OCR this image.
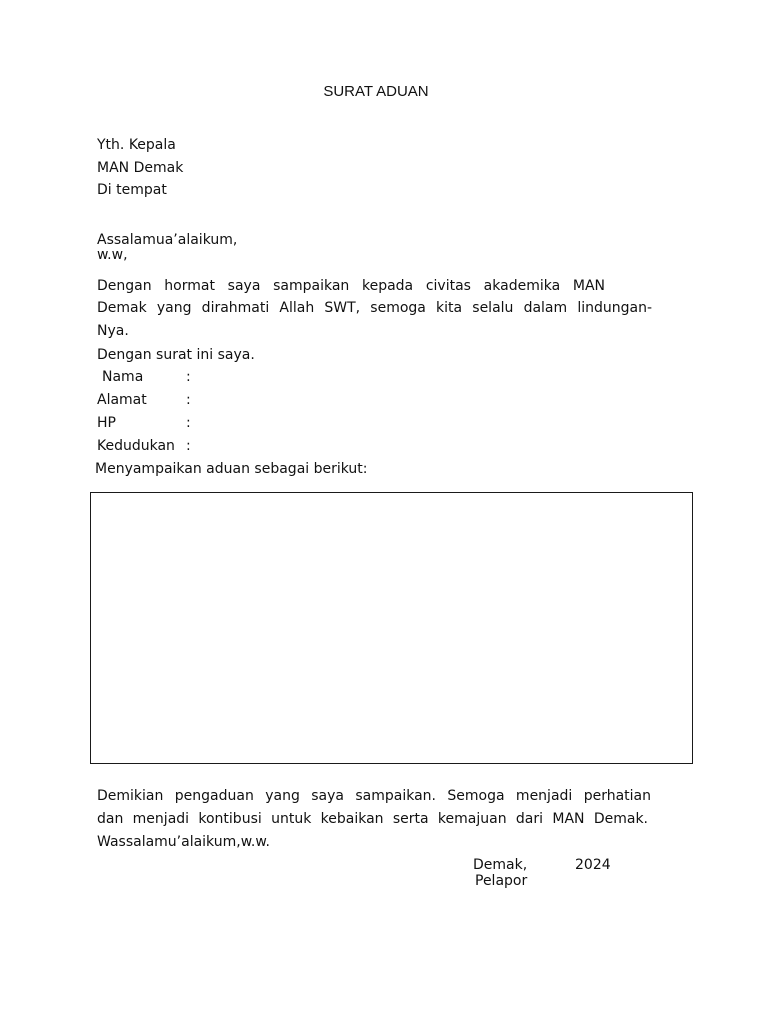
SURAT ADUAN
Yth. Kepala
MAN Demak
Di tempat
Assalamua’alaikum,
w.w,
Dengan hormat saya sampaikan kepada civitas akademika MAN
Demak yang dirahmati Allah SWT, semoga kita selalu dalam lindungan-
Nya.
Dengan surat ini saya.
Nama	:
Alamat	:
HP	:
Kedudukan :
Menyampaikan aduan sebagai berikut:
Demikian pengaduan yang saya sampaikan. Semoga menjadi perhatian
dan menjadi kontibusi untuk kebaikan serta kemajuan dari MAN Demak.
Wassalamu’alaikum,w.w.
Demak,	2024
Pelapor
